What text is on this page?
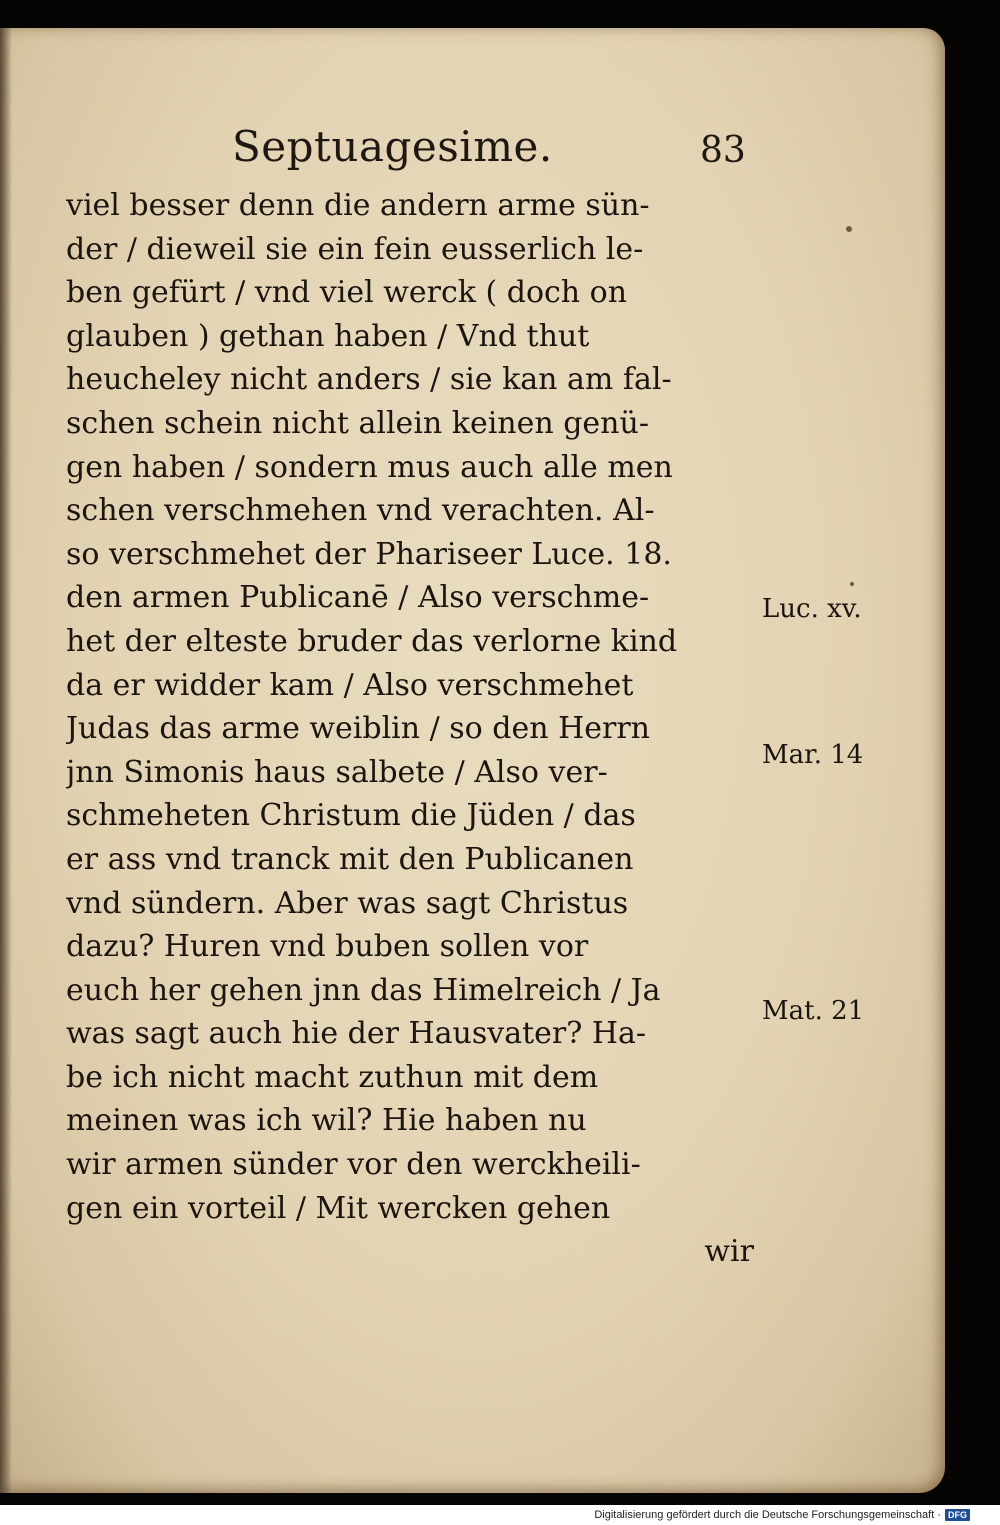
Septuagesime.	83
viel besser denn die andern arme sün-
der / dieweil sie ein fein eusserlich le-
ben gefürt / vnd viel werck ( doch on
glauben ) gethan haben / Vnd thut
heucheley nicht anders / sie kan am fal-
schen schein nicht allein keinen genü-
gen haben / sondern mus auch alle men
schen verschmehen vnd verachten. Al-
so verschmehet der Phariseer Luce. 18.
den armen Publicanē / Also verschme-
het der elteste bruder das verlorne kind
da er widder kam / Also verschmehet
Judas das arme weiblin / so den Herrn
jnn Simonis haus salbete / Also ver-
schmeheten Christum die Jüden / das
er ass vnd tranck mit den Publicanen
vnd sündern. Aber was sagt Christus
dazu? Huren vnd buben sollen vor
euch her gehen jnn das Himelreich / Ja
was sagt auch hie der Hausvater? Ha-
be ich nicht macht zuthun mit dem
meinen was ich wil? Hie haben nu
wir armen sünder vor den werckheili-
gen ein vorteil / Mit wercken gehen
wir
Luc. xv.
Mar. 14
Mat. 21
Digitalisierung gefördert durch die Deutsche Forschungsgemeinschaft · DFG
